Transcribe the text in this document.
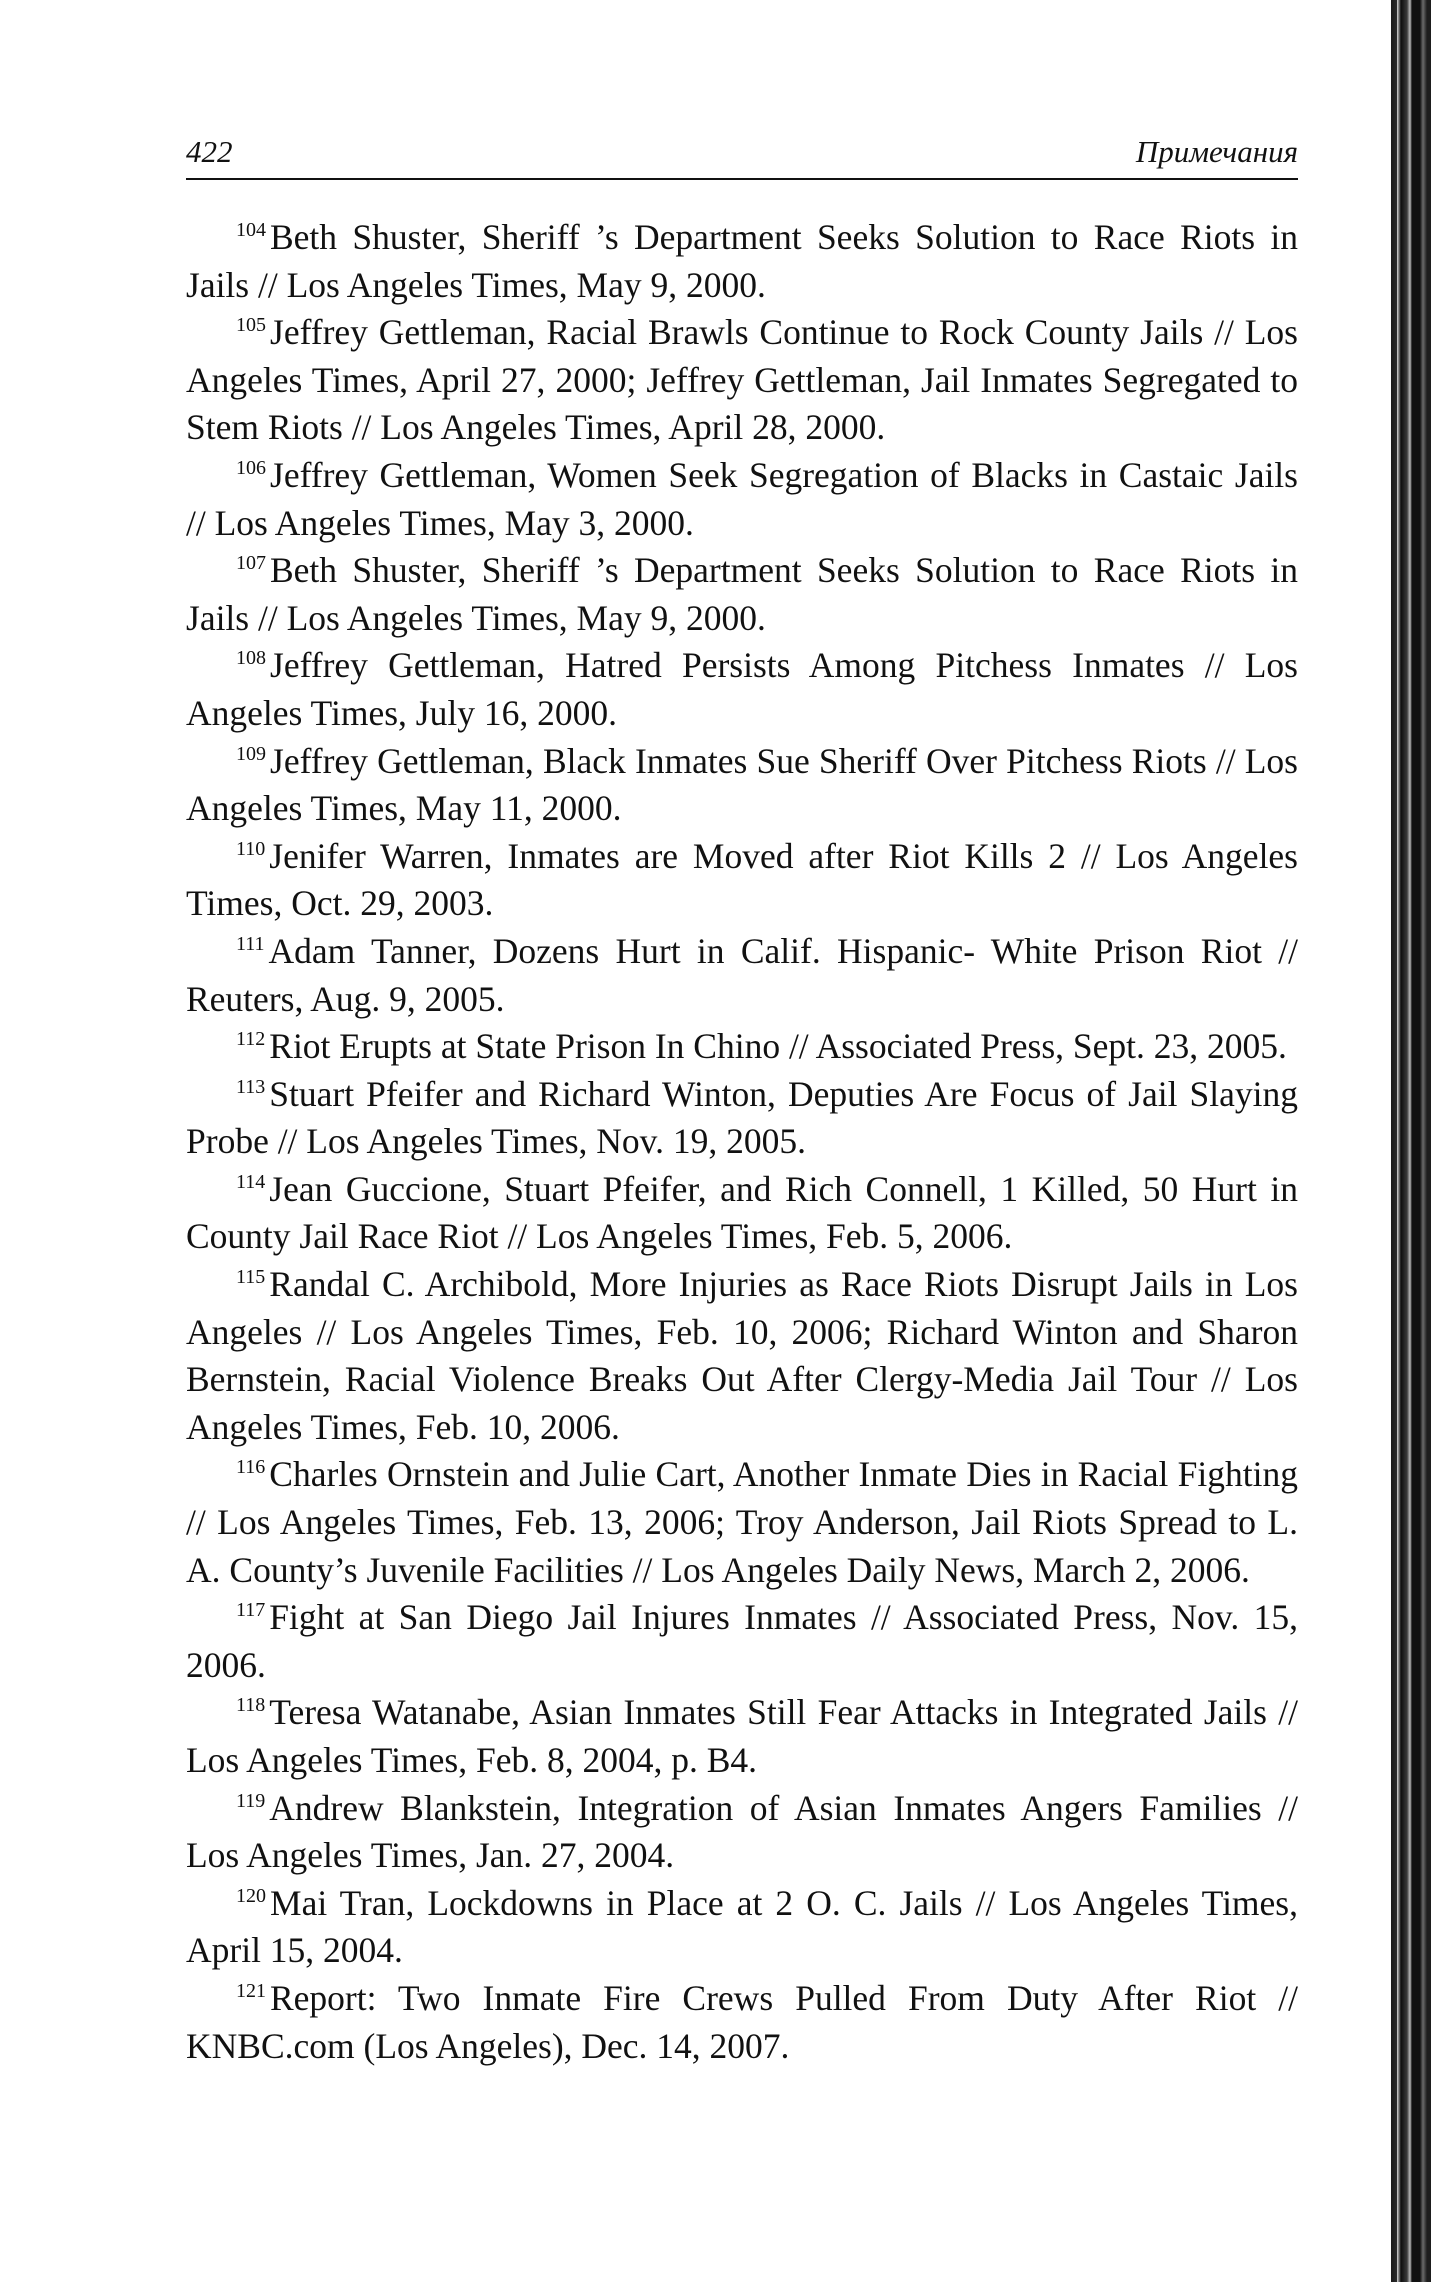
422	Примечания

$^{104}$ Beth Shuster, Sheriff ’s Department Seeks Solution to Race Riots in Jails // Los Angeles Times, May 9, 2000.

$^{105}$ Jeffrey Gettleman, Racial Brawls Continue to Rock County Jails // Los Angeles Times, April 27, 2000; Jeffrey Gettleman, Jail Inmates Segregated to Stem Riots // Los Angeles Times, April 28, 2000.

$^{106}$ Jeffrey Gettleman, Women Seek Segregation of Blacks in Castaic Jails // Los Angeles Times, May 3, 2000.

$^{107}$ Beth Shuster, Sheriff ’s Department Seeks Solution to Race Riots in Jails // Los Angeles Times, May 9, 2000.

$^{108}$ Jeffrey Gettleman, Hatred Persists Among Pitchess Inmates // Los Angeles Times, July 16, 2000.

$^{109}$ Jeffrey Gettleman, Black Inmates Sue Sheriff Over Pitchess Riots // Los Angeles Times, May 11, 2000.

$^{110}$ Jenifer Warren, Inmates are Moved after Riot Kills 2 // Los Angeles Times, Oct. 29, 2003.

$^{111}$ Adam Tanner, Dozens Hurt in Calif. Hispanic- White Prison Riot // Reuters, Aug. 9, 2005.

$^{112}$ Riot Erupts at State Prison In Chino // Associated Press, Sept. 23, 2005.

$^{113}$ Stuart Pfeifer and Richard Winton, Deputies Are Focus of Jail Slaying Probe // Los Angeles Times, Nov. 19, 2005.

$^{114}$ Jean Guccione, Stuart Pfeifer, and Rich Connell, 1 Killed, 50 Hurt in County Jail Race Riot // Los Angeles Times, Feb. 5, 2006.

$^{115}$ Randal C. Archibold, More Injuries as Race Riots Disrupt Jails in Los Angeles // Los Angeles Times, Feb. 10, 2006; Richard Winton and Sharon Bernstein, Racial Violence Breaks Out After Clergy-Media Jail Tour // Los Angeles Times, Feb. 10, 2006.

$^{116}$ Charles Ornstein and Julie Cart, Another Inmate Dies in Racial Fighting // Los Angeles Times, Feb. 13, 2006; Troy Anderson, Jail Riots Spread to L. A. County’s Juvenile Facilities // Los Angeles Daily News, March 2, 2006.

$^{117}$ Fight at San Diego Jail Injures Inmates // Associated Press, Nov. 15, 2006.

$^{118}$ Teresa Watanabe, Asian Inmates Still Fear Attacks in Integrated Jails // Los Angeles Times, Feb. 8, 2004, p. B4.

$^{119}$ Andrew Blankstein, Integration of Asian Inmates Angers Families // Los Angeles Times, Jan. 27, 2004.

$^{120}$ Mai Tran, Lockdowns in Place at 2 O. C. Jails // Los Angeles Times, April 15, 2004.

$^{121}$ Report: Two Inmate Fire Crews Pulled From Duty After Riot // KNBC.com (Los Angeles), Dec. 14, 2007.
